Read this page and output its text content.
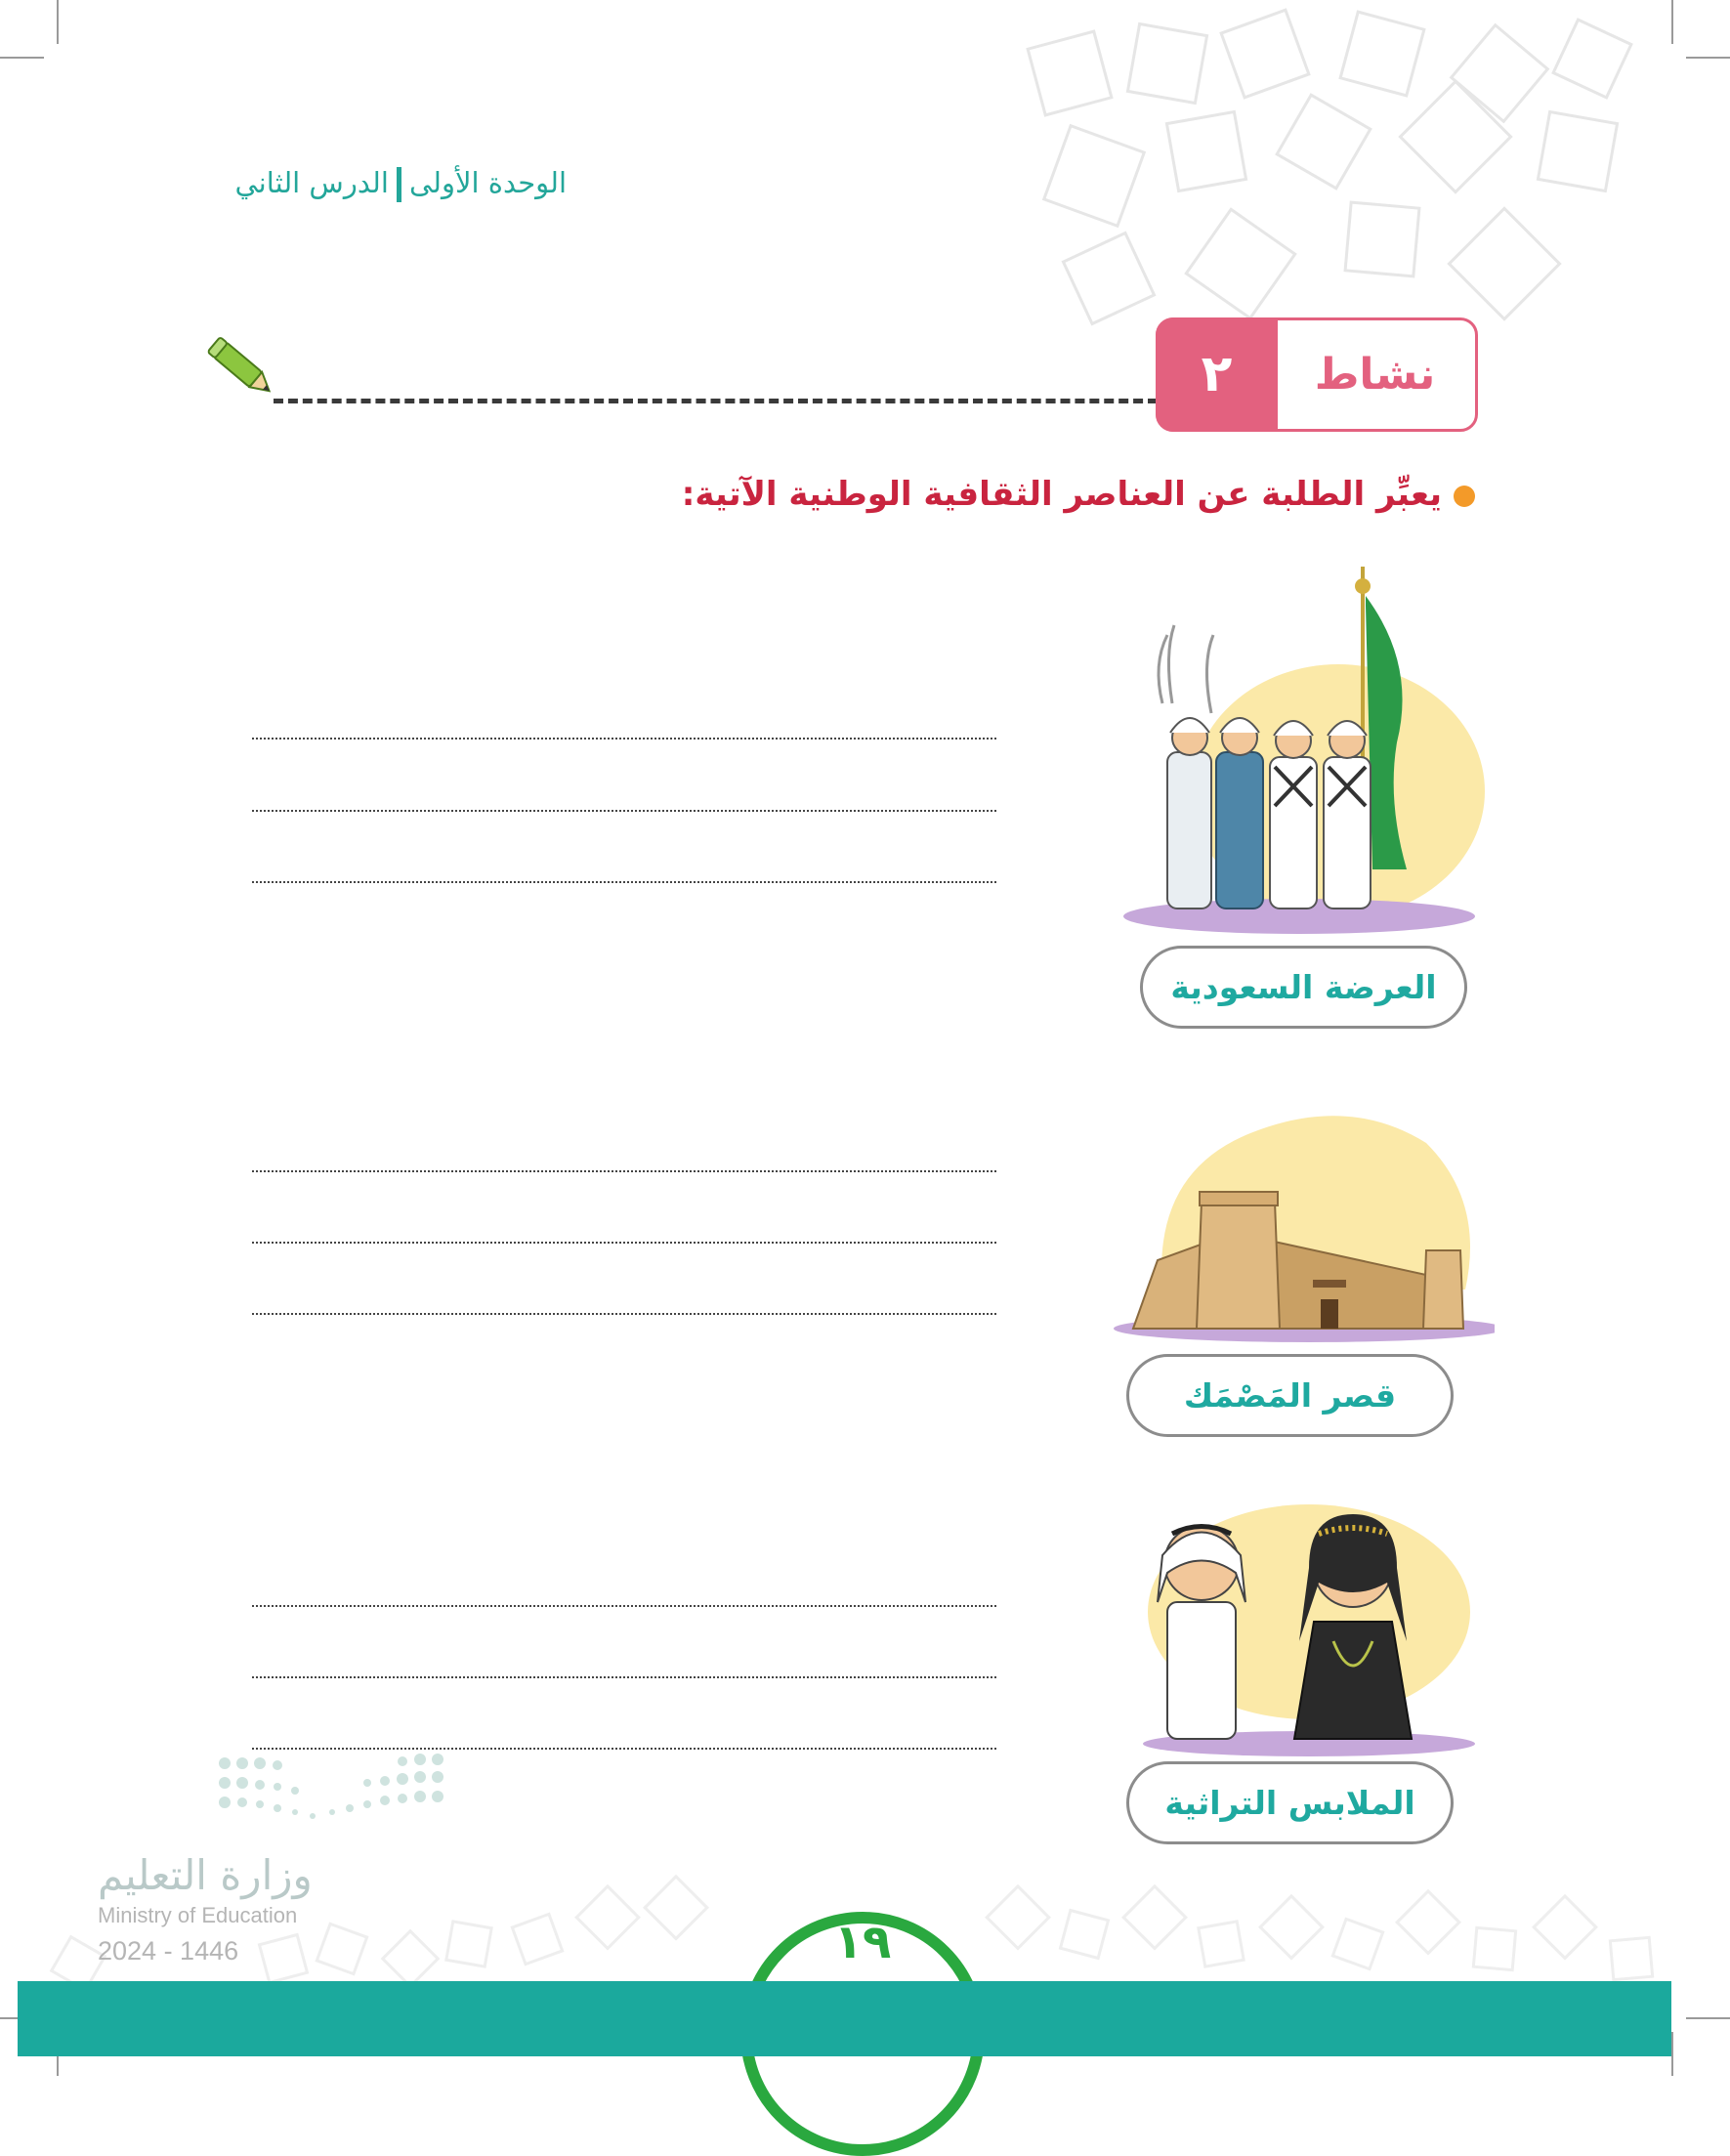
الوحدة الأولىالدرس الثاني
٢	نشاط
يعبِّر الطلبة عن العناصر الثقافية الوطنية الآتية:
العرضة السعودية
قصر المَصْمَك
الملابس التراثية
وزارة التعليم
Ministry of Education
2024 - 1446	١٩
